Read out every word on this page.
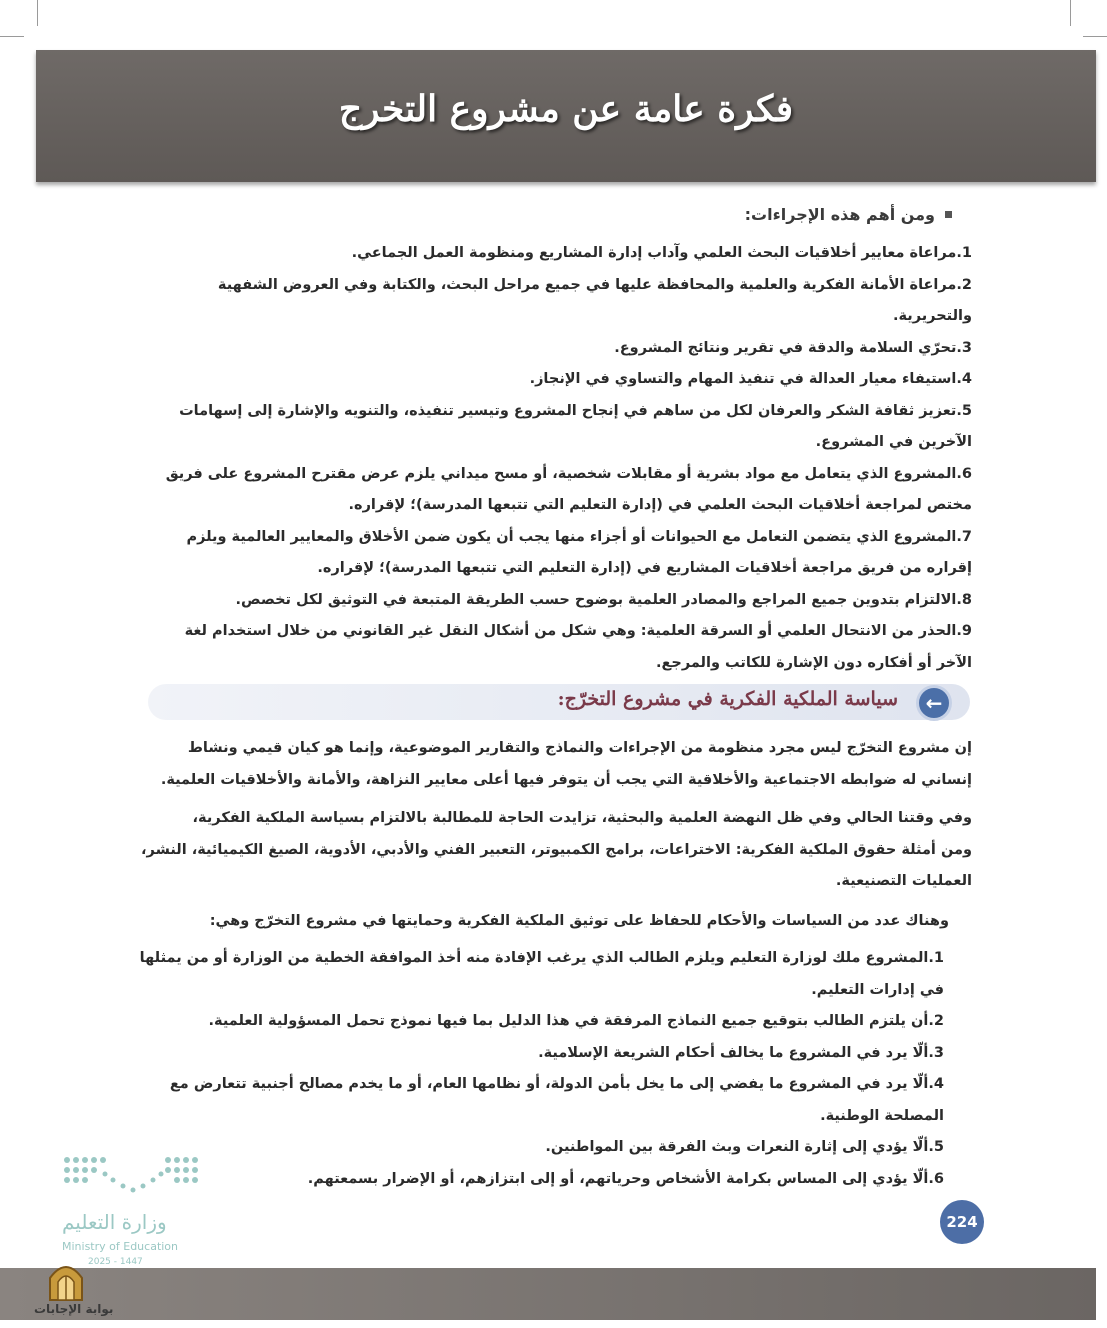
فكرة عامة عن مشروع التخرج
ومن أهم هذه الإجراءات:
1.مراعاة معايير أخلاقيات البحث العلمي وآداب إدارة المشاريع ومنظومة العمل الجماعي.
2.مراعاة الأمانة الفكرية والعلمية والمحافظة عليها في جميع مراحل البحث، والكتابة وفي العروض الشفهية والتحريرية.
3.تحرّي السلامة والدقة في تقرير ونتائج المشروع.
4.استيفاء معيار العدالة في تنفيذ المهام والتساوي في الإنجاز.
5.تعزيز ثقافة الشكر والعرفان لكل من ساهم في إنجاح المشروع وتيسير تنفيذه، والتنويه والإشارة إلى إسهامات
الآخرين في المشروع.
6.المشروع الذي يتعامل مع مواد بشرية أو مقابلات شخصية، أو مسح ميداني يلزم عرض مقترح المشروع على فريق
مختص لمراجعة أخلاقيات البحث العلمي في (إدارة التعليم التي تتبعها المدرسة)؛ لإقراره.
7.المشروع الذي يتضمن التعامل مع الحيوانات أو أجزاء منها يجب أن يكون ضمن الأخلاق والمعايير العالمية ويلزم
إقراره من فريق مراجعة أخلاقيات المشاريع في (إدارة التعليم التي تتبعها المدرسة)؛ لإقراره.
8.الالتزام بتدوين جميع المراجع والمصادر العلمية بوضوح حسب الطريقة المتبعة في التوثيق لكل تخصص.
9.الحذر من الانتحال العلمي أو السرقة العلمية: وهي شكل من أشكال النقل غير القانوني من خلال استخدام لغة
الآخر أو أفكاره دون الإشارة للكاتب والمرجع.
←
سياسة الملكية الفكرية في مشروع التخرّج:
إن مشروع التخرّج ليس مجرد منظومة من الإجراءات والنماذج والتقارير الموضوعية، وإنما هو كيان قيمي ونشاط
إنساني له ضوابطه الاجتماعية والأخلاقية التي يجب أن يتوفر فيها أعلى معايير النزاهة، والأمانة والأخلاقيات العلمية.
وفي وقتنا الحالي وفي ظل النهضة العلمية والبحثية، تزايدت الحاجة للمطالبة بالالتزام بسياسة الملكية الفكرية،
ومن أمثلة حقوق الملكية الفكرية: الاختراعات، برامج الكمبيوتر، التعبير الفني والأدبي، الأدوية، الصيغ الكيميائية، النشر،
العمليات التصنيعية.
وهناك عدد من السياسات والأحكام للحفاظ على توثيق الملكية الفكرية وحمايتها في مشروع التخرّج وهي:
1.المشروع ملك لوزارة التعليم ويلزم الطالب الذي يرغب الإفادة منه أخذ الموافقة الخطية من الوزارة أو من يمثلها
في إدارات التعليم.
2.أن يلتزم الطالب بتوقيع جميع النماذج المرفقة في هذا الدليل بما فيها نموذج تحمل المسؤولية العلمية.
3.ألّا يرد في المشروع ما يخالف أحكام الشريعة الإسلامية.
4.ألّا يرد في المشروع ما يفضي إلى ما يخل بأمن الدولة، أو نظامها العام، أو ما يخدم مصالح أجنبية تتعارض مع
المصلحة الوطنية.
5.ألّا يؤدي إلى إثارة النعرات وبث الفرقة بين المواطنين.
6.ألّا يؤدي إلى المساس بكرامة الأشخاص وحرياتهم، أو إلى ابتزازهم، أو الإضرار بسمعتهم.
وزارة التعليم
Ministry of Education
2025 - 1447
224
بوابة الإجابات
